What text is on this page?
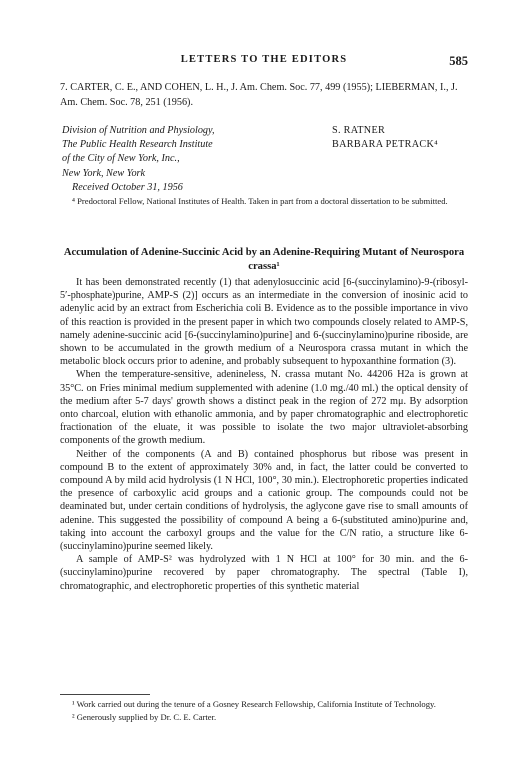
LETTERS TO THE EDITORS	585
7. CARTER, C. E., AND COHEN, L. H., J. Am. Chem. Soc. 77, 499 (1955); LIEBERMAN, I., J. Am. Chem. Soc. 78, 251 (1956).
Division of Nutrition and Physiology,
The Public Health Research Institute
of the City of New York, Inc.,
New York, New York
Received October 31, 1956
S. RATNER
BARBARA PETRACK⁴
⁴ Predoctoral Fellow, National Institutes of Health. Taken in part from a doctoral dissertation to be submitted.
Accumulation of Adenine-Succinic Acid by an Adenine-Requiring Mutant of Neurospora crassa¹

It has been demonstrated recently (1) that adenylosuccinic acid [6-(succinylamino)-9-(ribosyl-5′-phosphate)purine, AMP-S (2)] occurs as an intermediate in the conversion of inosinic acid to adenylic acid by an extract from Escherichia coli B. Evidence as to the possible importance in vivo of this reaction is provided in the present paper in which two compounds closely related to AMP-S, namely adenine-succinic acid [6-(succinylamino)purine] and 6-(succinylamino)purine riboside, are shown to be accumulated in the growth medium of a Neurospora crassa mutant in which the metabolic block occurs prior to adenine, and probably subsequent to hypoxanthine formation (3).

When the temperature-sensitive, adenineless, N. crassa mutant No. 44206 H2a is grown at 35°C. on Fries minimal medium supplemented with adenine (1.0 mg./40 ml.) the optical density of the medium after 5-7 days' growth shows a distinct peak in the region of 272 mμ. By adsorption onto charcoal, elution with ethanolic ammonia, and by paper chromatographic and electrophoretic fractionation of the eluate, it was possible to isolate the two major ultraviolet-absorbing components of the growth medium.

Neither of the components (A and B) contained phosphorus but ribose was present in compound B to the extent of approximately 30% and, in fact, the latter could be converted to compound A by mild acid hydrolysis (1 N HCl, 100°, 30 min.). Electrophoretic properties indicated the presence of carboxylic acid groups and a cationic group. The compounds could not be deaminated but, under certain conditions of hydrolysis, the aglycone gave rise to small amounts of adenine. This suggested the possibility of compound A being a 6-(substituted amino)purine and, taking into account the carboxyl groups and the value for the C/N ratio, a structure like 6-(succinylamino)purine seemed likely.

A sample of AMP-S² was hydrolyzed with 1 N HCl at 100° for 30 min. and the 6-(succinylamino)purine recovered by paper chromatography. The spectral (Table I), chromatographic, and electrophoretic properties of this synthetic material

¹ Work carried out during the tenure of a Gosney Research Fellowship, California Institute of Technology.

² Generously supplied by Dr. C. E. Carter.
